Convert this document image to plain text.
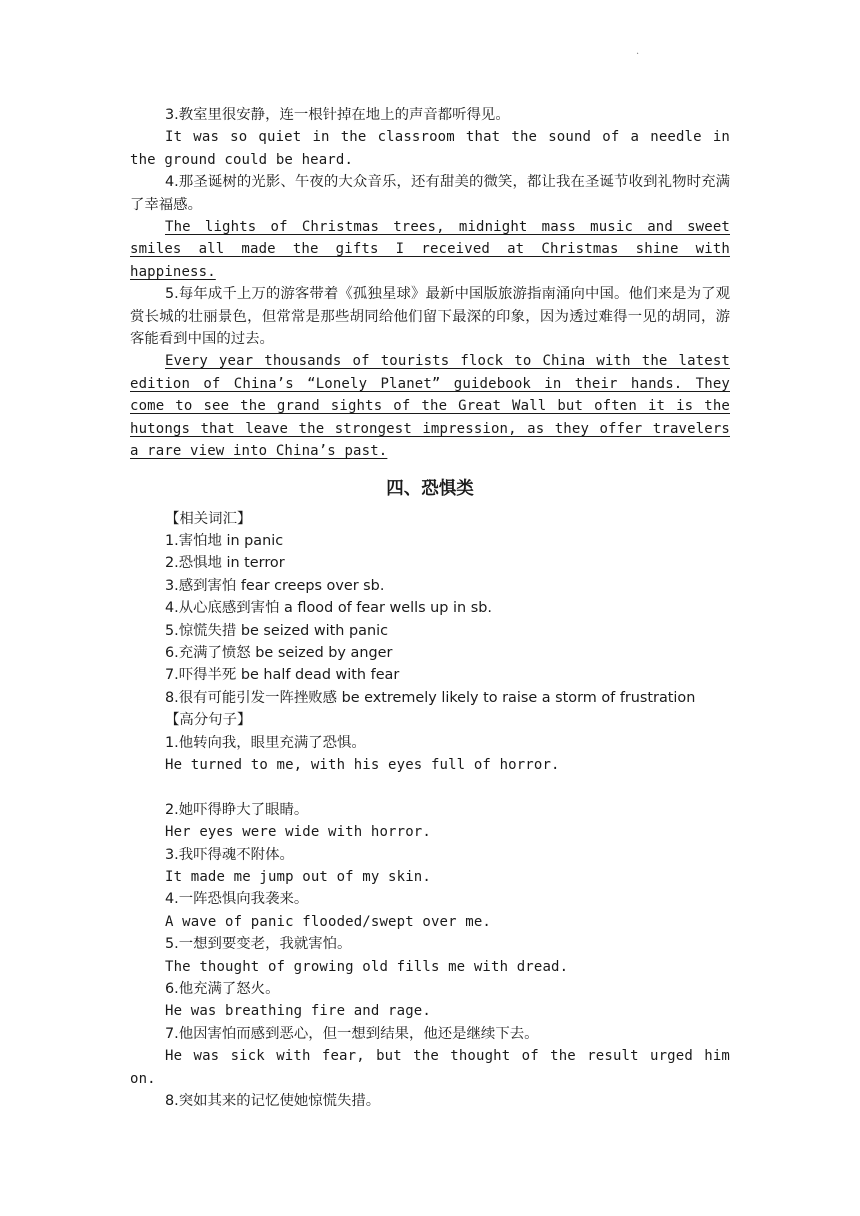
·

3.教室里很安静，连一根针掉在地上的声音都听得见。

It was so quiet in the classroom that the sound of a needle in the ground could be heard.

4.那圣诞树的光影、午夜的大众音乐，还有甜美的微笑，都让我在圣诞节收到礼物时充满了幸福感。

The lights of Christmas trees, midnight mass music and sweet smiles all made the gifts I received at Christmas shine with happiness.

5.每年成千上万的游客带着《孤独星球》最新中国版旅游指南涌向中国。他们来是为了观赏长城的壮丽景色，但常常是那些胡同给他们留下最深的印象，因为透过难得一见的胡同，游客能看到中国的过去。

Every year thousands of tourists flock to China with the latest edition of China’s “Lonely Planet” guidebook in their hands. They come to see the grand sights of the Great Wall but often it is the hutongs that leave the strongest impression, as they offer travelers a rare view into China’s past.

四、恐惧类

【相关词汇】

1.害怕地 in panic

2.恐惧地 in terror

3.感到害怕 fear creeps over sb.

4.从心底感到害怕 a flood of fear wells up in sb.

5.惊慌失措 be seized with panic

6.充满了愤怒 be seized by anger

7.吓得半死 be half dead with fear

8.很有可能引发一阵挫败感 be extremely likely to raise a storm of frustration

【高分句子】

1.他转向我，眼里充满了恐惧。

He turned to me, with his eyes full of horror.

2.她吓得睁大了眼睛。

Her eyes were wide with horror.

3.我吓得魂不附体。

It made me jump out of my skin.

4.一阵恐惧向我袭来。

A wave of panic flooded/swept over me.

5.一想到要变老，我就害怕。

The thought of growing old fills me with dread.

6.他充满了怒火。

He was breathing fire and rage.

7.他因害怕而感到恶心，但一想到结果，他还是继续下去。

He was sick with fear, but the thought of the result urged him on.

8.突如其来的记忆使她惊慌失措。
